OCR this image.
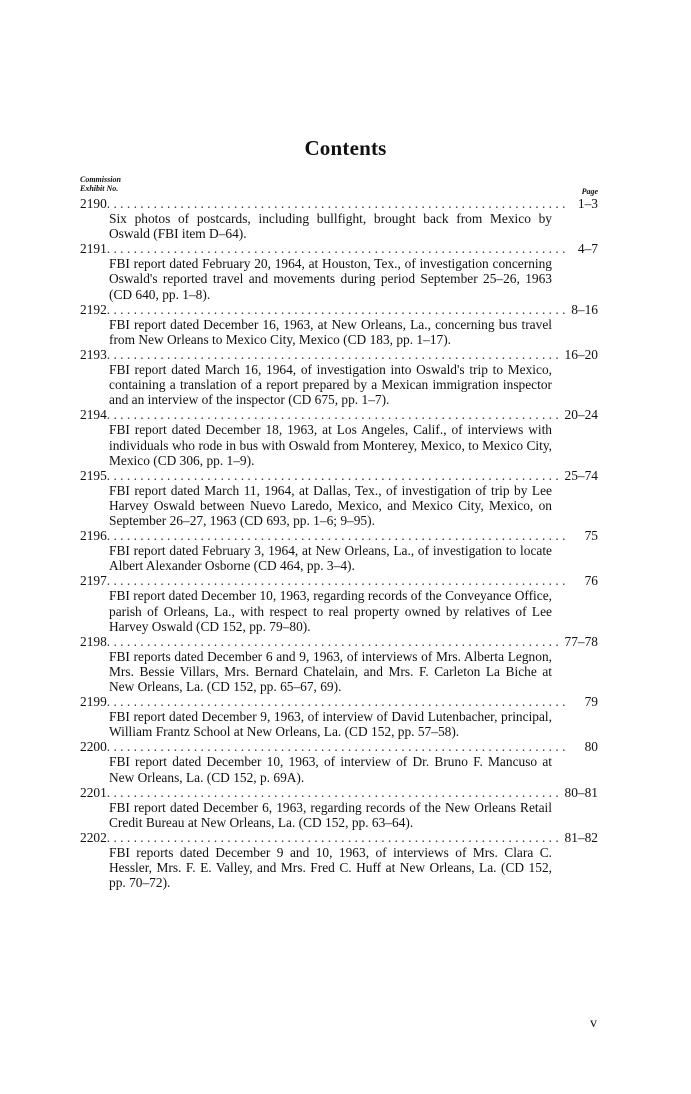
Contents
Commission
Exhibit No.	Page
2190 . . .	1–3
Six photos of postcards, including bullfight, brought back from Mexico by Oswald (FBI item D–64).
2191 . . .	4–7
FBI report dated February 20, 1964, at Houston, Tex., of investigation concerning Oswald's reported travel and movements during period September 25–26, 1963 (CD 640, pp. 1–8).
2192 . . .	8–16
FBI report dated December 16, 1963, at New Orleans, La., concerning bus travel from New Orleans to Mexico City, Mexico (CD 183, pp. 1–17).
2193 . . .	16–20
FBI report dated March 16, 1964, of investigation into Oswald's trip to Mexico, containing a translation of a report prepared by a Mexican immigration inspector and an interview of the inspector (CD 675, pp. 1–7).
2194 . . .	20–24
FBI report dated December 18, 1963, at Los Angeles, Calif., of interviews with individuals who rode in bus with Oswald from Monterey, Mexico, to Mexico City, Mexico (CD 306, pp. 1–9).
2195 . . .	25–74
FBI report dated March 11, 1964, at Dallas, Tex., of investigation of trip by Lee Harvey Oswald between Nuevo Laredo, Mexico, and Mexico City, Mexico, on September 26–27, 1963 (CD 693, pp. 1–6; 9–95).
2196 . . .	75
FBI report dated February 3, 1964, at New Orleans, La., of investigation to locate Albert Alexander Osborne (CD 464, pp. 3–4).
2197 . . .	76
FBI report dated December 10, 1963, regarding records of the Conveyance Office, parish of Orleans, La., with respect to real property owned by relatives of Lee Harvey Oswald (CD 152, pp. 79–80).
2198 . . .	77–78
FBI reports dated December 6 and 9, 1963, of interviews of Mrs. Alberta Legnon, Mrs. Bessie Villars, Mrs. Bernard Chatelain, and Mrs. F. Carleton La Biche at New Orleans, La. (CD 152, pp. 65–67, 69).
2199 . . .	79
FBI report dated December 9, 1963, of interview of David Lutenbacher, principal, William Frantz School at New Orleans, La. (CD 152, pp. 57–58).
2200 . . .	80
FBI report dated December 10, 1963, of interview of Dr. Bruno F. Mancuso at New Orleans, La. (CD 152, p. 69A).
2201 . . .	80–81
FBI report dated December 6, 1963, regarding records of the New Orleans Retail Credit Bureau at New Orleans, La. (CD 152, pp. 63–64).
2202 . . .	81–82
FBI reports dated December 9 and 10, 1963, of interviews of Mrs. Clara C. Hessler, Mrs. F. E. Valley, and Mrs. Fred C. Huff at New Orleans, La. (CD 152, pp. 70–72).
v
